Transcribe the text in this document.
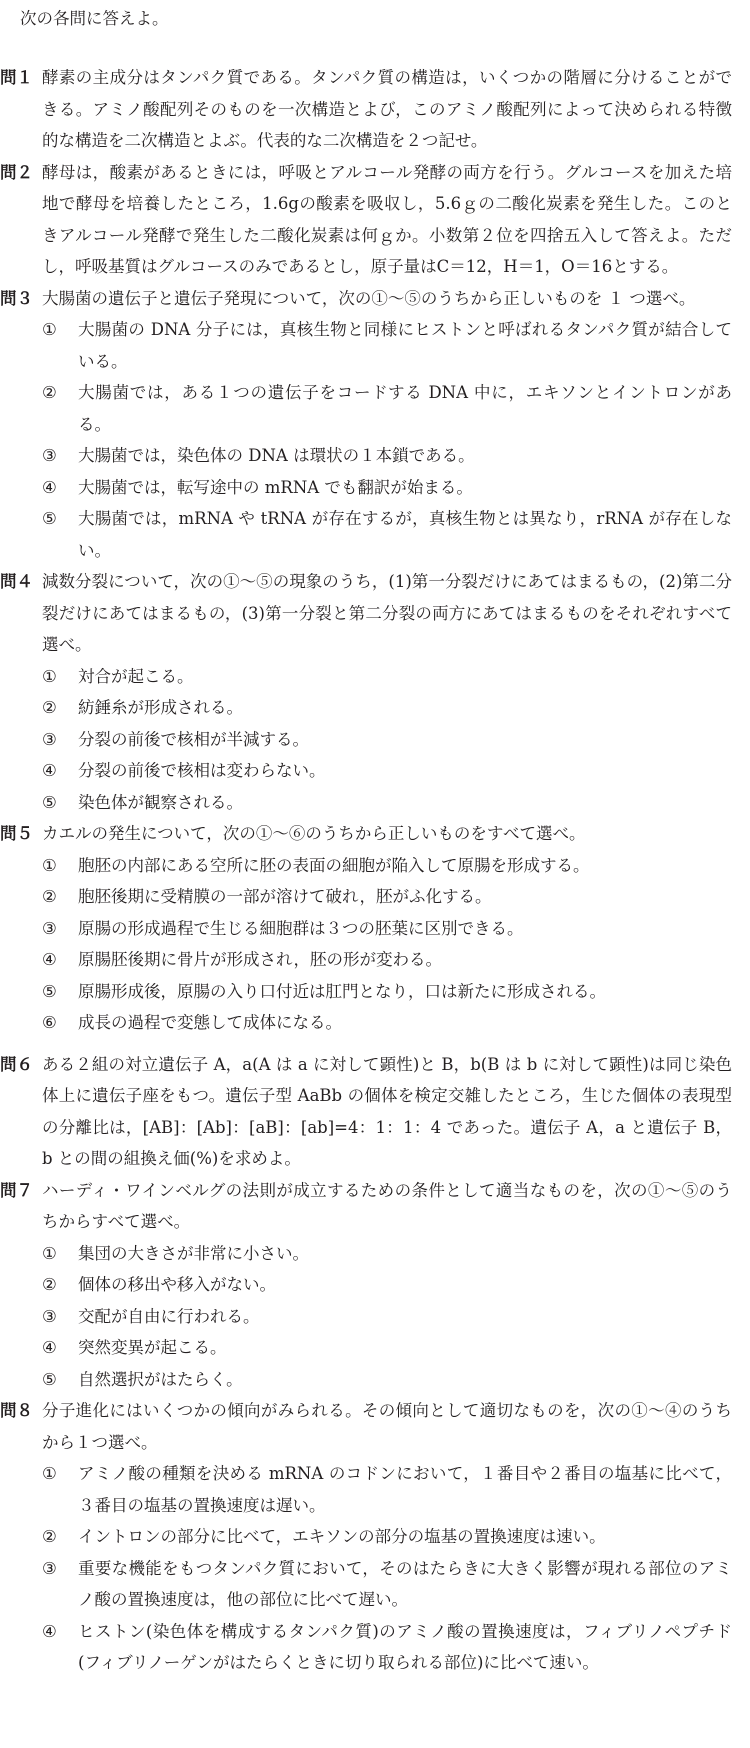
次の各問に答えよ。

問１ 酵素の主成分はタンパク質である。タンパク質の構造は，いくつかの階層に分けることができる。アミノ酸配列そのものを一次構造とよび，このアミノ酸配列によって決められる特徴的な構造を二次構造とよぶ。代表的な二次構造を２つ記せ。

問２ 酵母は，酸素があるときには，呼吸とアルコール発酵の両方を行う。グルコースを加えた培地で酵母を培養したところ，1.6gの酸素を吸収し，5.6ｇの二酸化炭素を発生した。このときアルコール発酵で発生した二酸化炭素は何ｇか。小数第２位を四捨五入して答えよ。ただし，呼吸基質はグルコースのみであるとし，原子量はC＝12，H＝1，O＝16とする。

問３ 大腸菌の遺伝子と遺伝子発現について，次の①～⑤のうちから正しいものを １ つ選べ。

①	大腸菌の DNA 分子には，真核生物と同様にヒストンと呼ばれるタンパク質が結合している。
②	大腸菌では，ある１つの遺伝子をコードする DNA 中に，エキソンとイントロンがある。
③	大腸菌では，染色体の DNA は環状の１本鎖である。
④	大腸菌では，転写途中の mRNA でも翻訳が始まる。
⑤	大腸菌では，mRNA や tRNA が存在するが，真核生物とは異なり，rRNA が存在しない。
問４ 減数分裂について，次の①～⑤の現象のうち，(1)第一分裂だけにあてはまるもの，(2)第二分裂だけにあてはまるもの，(3)第一分裂と第二分裂の両方にあてはまるものをそれぞれすべて選べ。

①	対合が起こる。
②	紡錘糸が形成される。
③	分裂の前後で核相が半減する。
④	分裂の前後で核相は変わらない。
⑤	染色体が観察される。
問５ カエルの発生について，次の①～⑥のうちから正しいものをすべて選べ。

①	胞胚の内部にある空所に胚の表面の細胞が陥入して原腸を形成する。
②	胞胚後期に受精膜の一部が溶けて破れ，胚がふ化する。
③	原腸の形成過程で生じる細胞群は３つの胚葉に区別できる。
④	原腸胚後期に骨片が形成され，胚の形が変わる。
⑤	原腸形成後，原腸の入り口付近は肛門となり，口は新たに形成される。
⑥	成長の過程で変態して成体になる。
問６ ある２組の対立遺伝子 A，a(A は a に対して顕性)と B，b(B は b に対して顕性)は同じ染色体上に遺伝子座をもつ。遺伝子型 AaBb の個体を検定交雑したところ，生じた個体の表現型の分離比は，[AB]：[Ab]：[aB]：[ab]=4：1：1：4 であった。遺伝子 A，a と遺伝子 B，b との間の組換え価(%)を求めよ。

問７ ハーディ・ワインベルグの法則が成立するための条件として適当なものを，次の①～⑤のうちからすべて選べ。

①	集団の大きさが非常に小さい。
②	個体の移出や移入がない。
③	交配が自由に行われる。
④	突然変異が起こる。
⑤	自然選択がはたらく。
問８ 分子進化にはいくつかの傾向がみられる。その傾向として適切なものを，次の①～④のうちから１つ選べ。

①	アミノ酸の種類を決める mRNA のコドンにおいて，１番目や２番目の塩基に比べて，３番目の塩基の置換速度は遅い。
②	イントロンの部分に比べて，エキソンの部分の塩基の置換速度は速い。
③	重要な機能をもつタンパク質において，そのはたらきに大きく影響が現れる部位のアミノ酸の置換速度は，他の部位に比べて遅い。
④	ヒストン(染色体を構成するタンパク質)のアミノ酸の置換速度は，フィブリノペプチド(フィブリノーゲンがはたらくときに切り取られる部位)に比べて速い。
